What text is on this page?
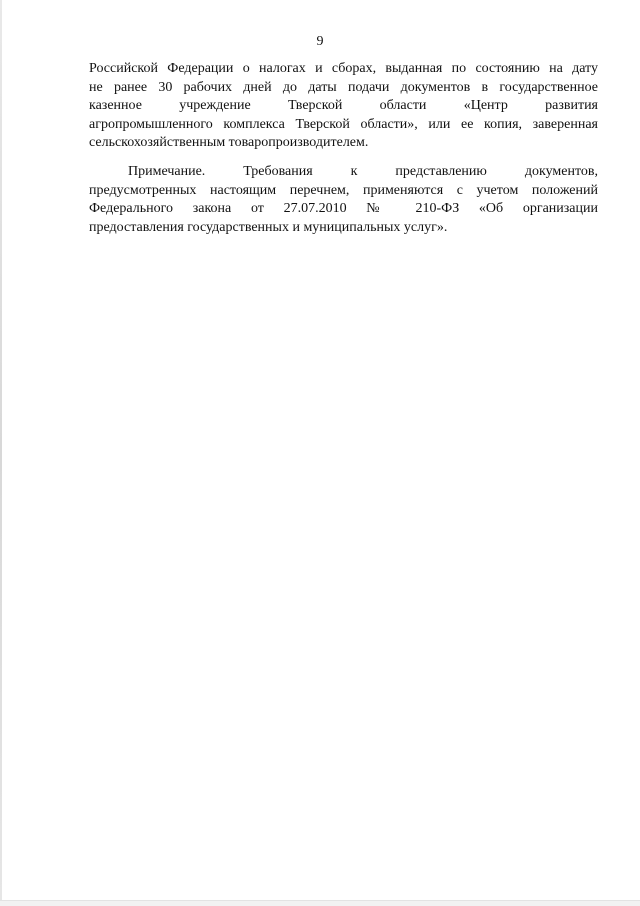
9
Российской Федерации о налогах и сборах, выданная по состоянию на дату
не ранее 30 рабочих дней до даты подачи документов в государственное
казенное учреждение Тверской области «Центр развития
агропромышленного комплекса Тверской области», или ее копия, заверенная
сельскохозяйственным товаропроизводителем.
Примечание. Требования к представлению документов,
предусмотренных настоящим перечнем, применяются с учетом положений
Федерального закона от 27.07.2010 № 210-ФЗ «Об организации
предоставления государственных и муниципальных услуг».
